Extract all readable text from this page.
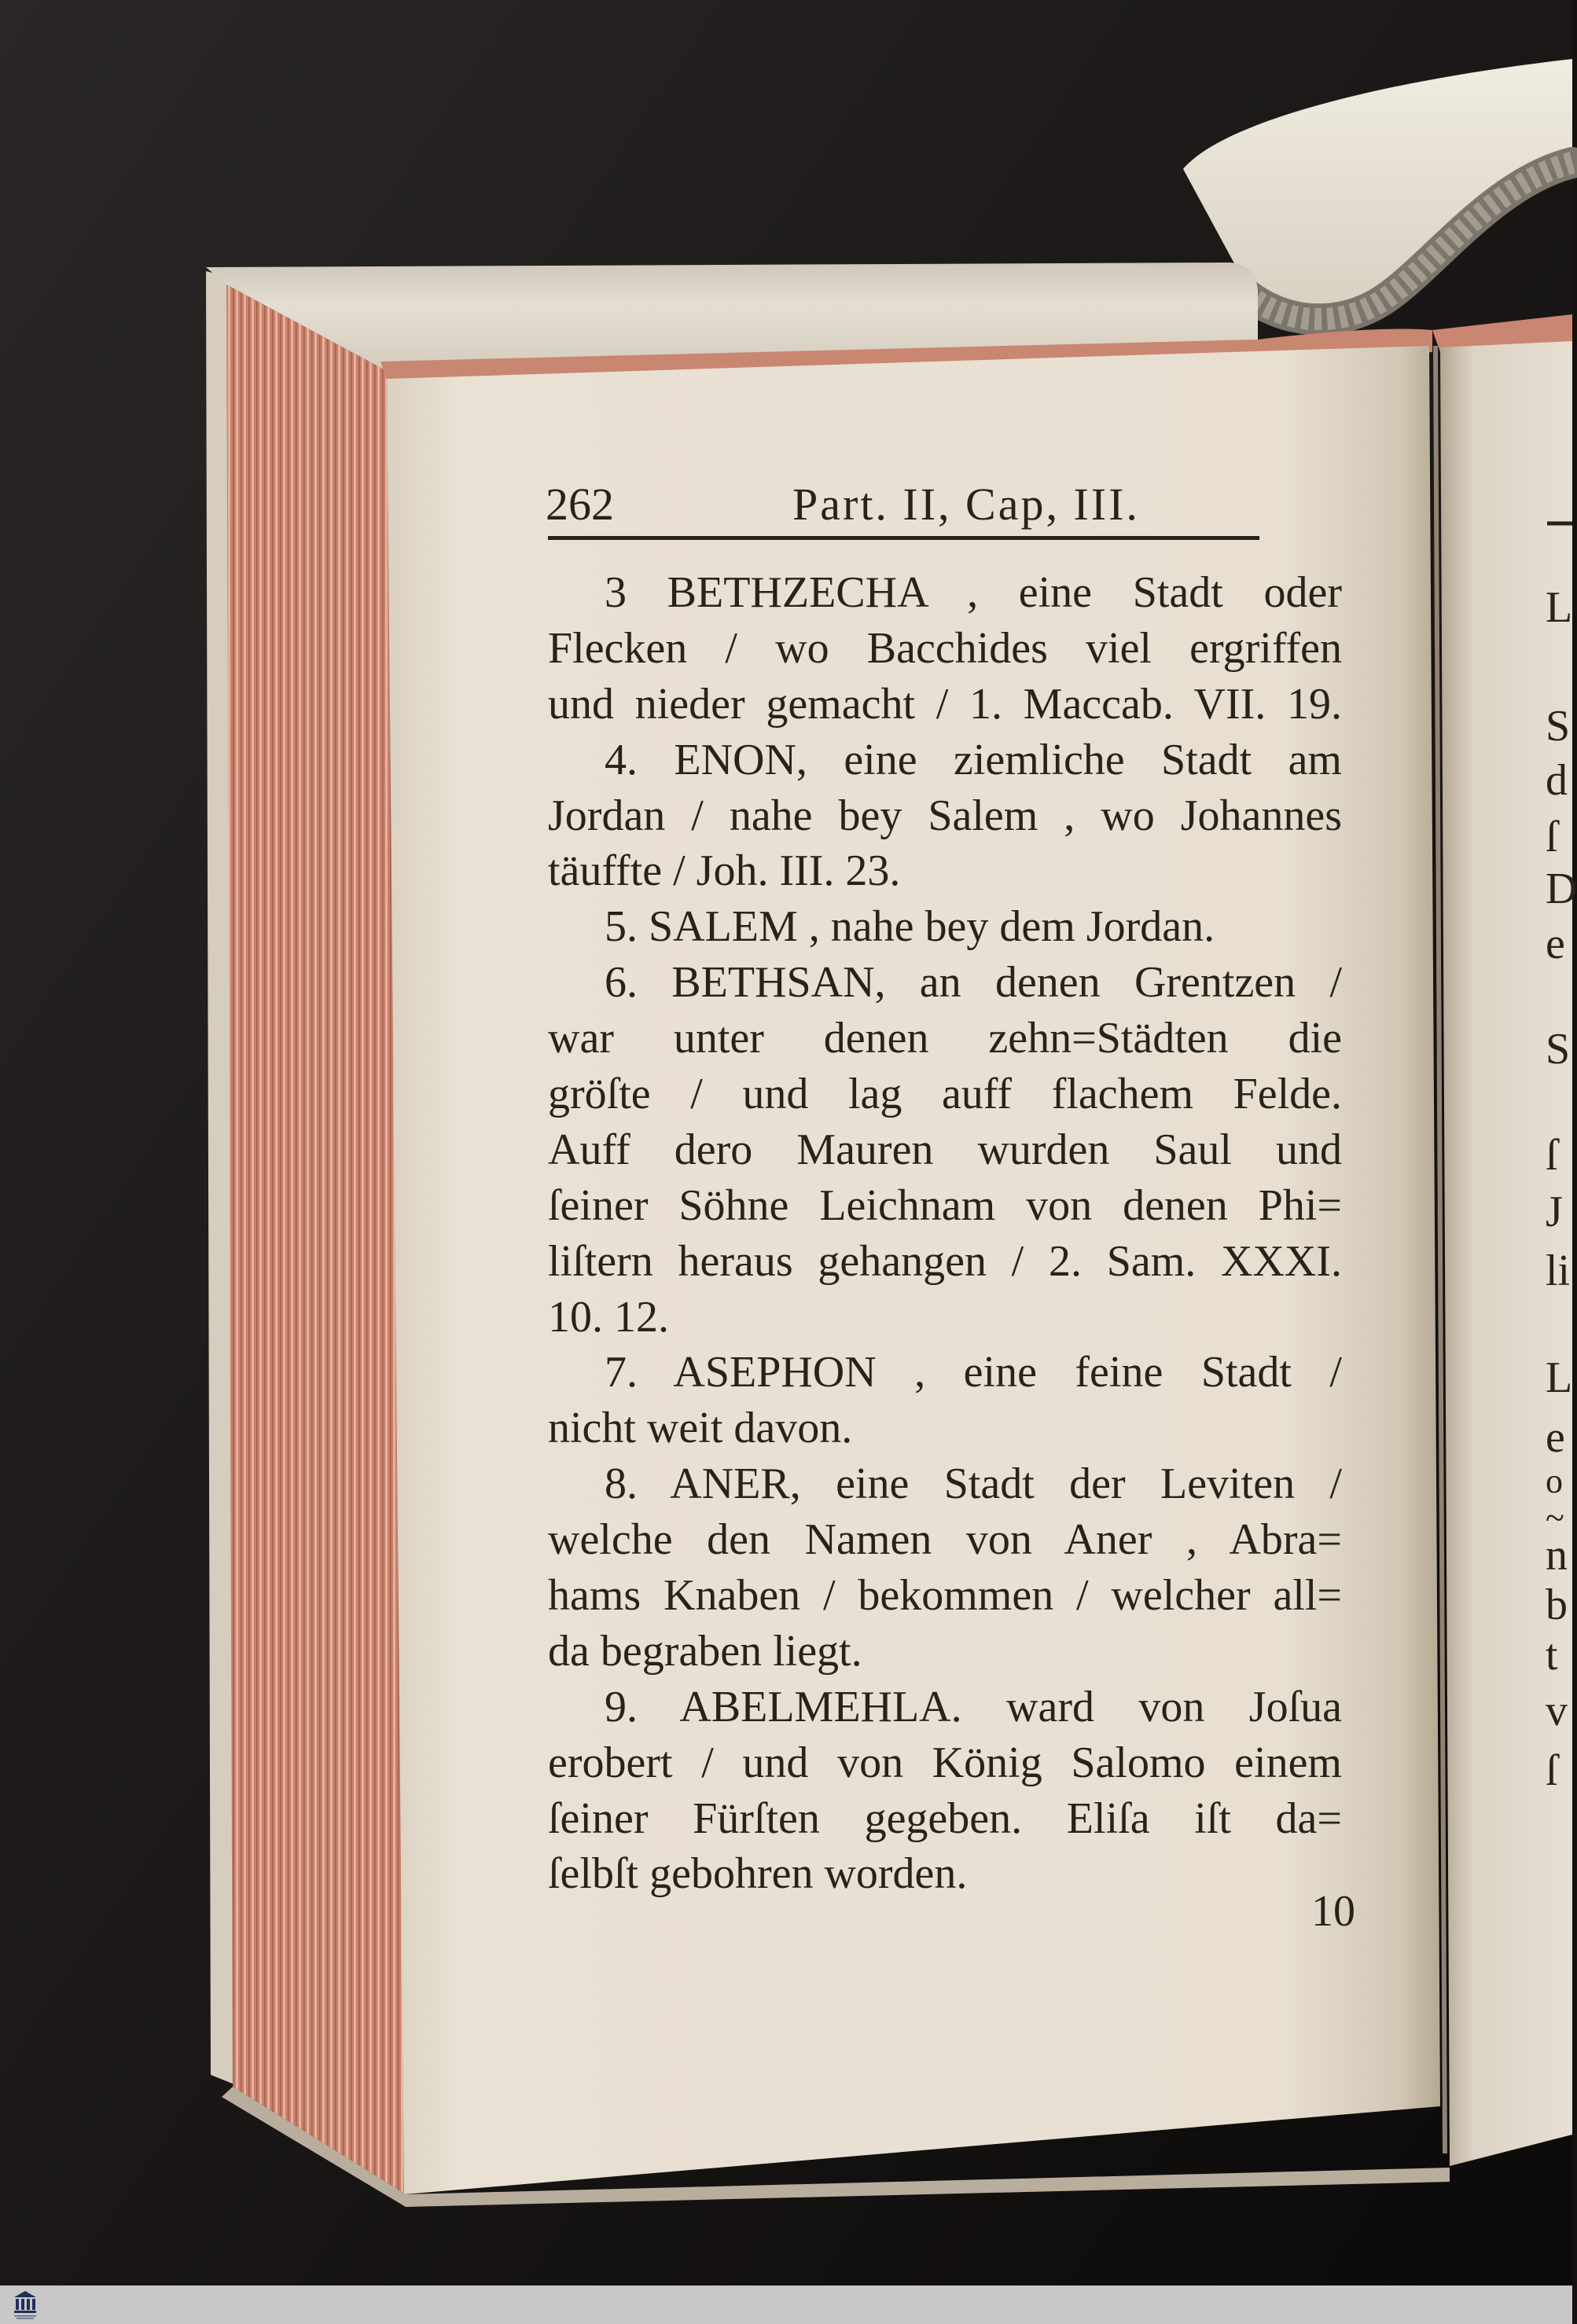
262	Part. II, Cap, III.
3 BETHZECHA , eine Stadt oder
Flecken / wo Bacchides viel ergriffen
und nieder gemacht / 1. Maccab. VII. 19.
4. ENON, eine ziemliche Stadt am
Jordan / nahe bey Salem , wo Johannes
täuffte / Joh. III. 23.
5. SALEM , nahe bey dem Jordan.
6. BETHSAN, an denen Grentzen /
war unter denen zehn=Städten die
gröſte / und lag auff flachem Felde.
Auff dero Mauren wurden Saul und
ſeiner Söhne Leichnam von denen Phi=
liſtern heraus gehangen / 2. Sam. XXXI.
10. 12.
7. ASEPHON , eine feine Stadt /
nicht weit davon.
8. ANER, eine Stadt der Leviten /
welche den Namen von Aner , Abra=
hams Knaben / bekommen / welcher all=
da begraben liegt.
9. ABELMEHLA. ward von Joſua
erobert / und von König Salomo einem
ſeiner Fürſten gegeben. Eliſa iſt da=
ſelbſt gebohren worden.
10
L
S
d
ſ
D
e
S
ſ
J
li
L
e
o
~
n
b
t
v
ſ
